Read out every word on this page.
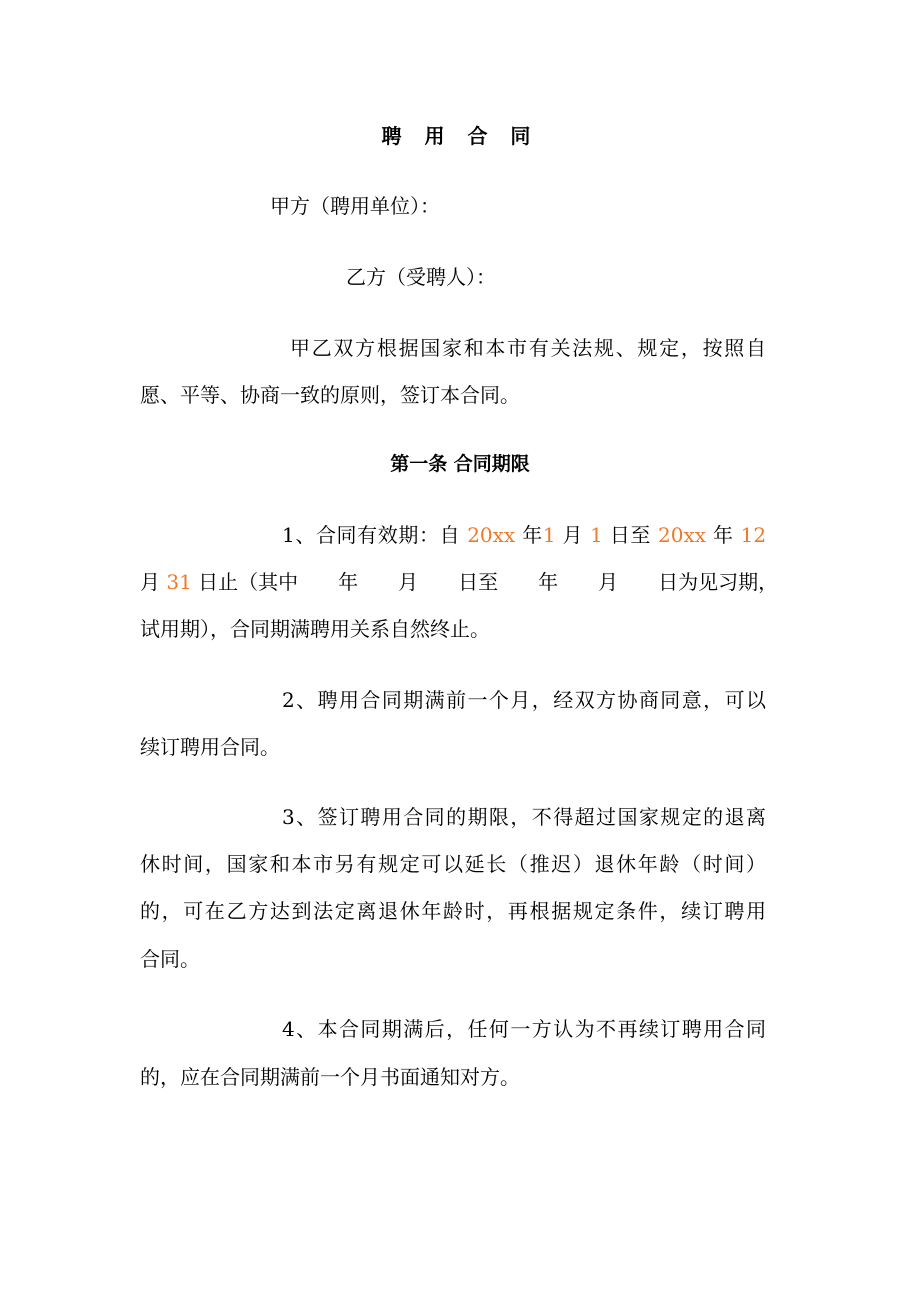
聘 用 合 同
甲方（聘用单位）：
乙方（受聘人）：
甲乙双方根据国家和本市有关法规、规定，按照自
愿、平等、协商一致的原则，签订本合同。
第一条 合同期限
1、合同有效期：自 20xx 年1 月 1 日至 20xx 年 12
月 31 日止（其中　　年　　月　　日至　　年　　月　　日为见习期，
试用期），合同期满聘用关系自然终止。
2、聘用合同期满前一个月，经双方协商同意，可以
续订聘用合同。
3、签订聘用合同的期限，不得超过国家规定的退离
休时间，国家和本市另有规定可以延长（推迟）退休年龄（时间）
的，可在乙方达到法定离退休年龄时，再根据规定条件，续订聘用
合同。
4、本合同期满后，任何一方认为不再续订聘用合同
的，应在合同期满前一个月书面通知对方。
